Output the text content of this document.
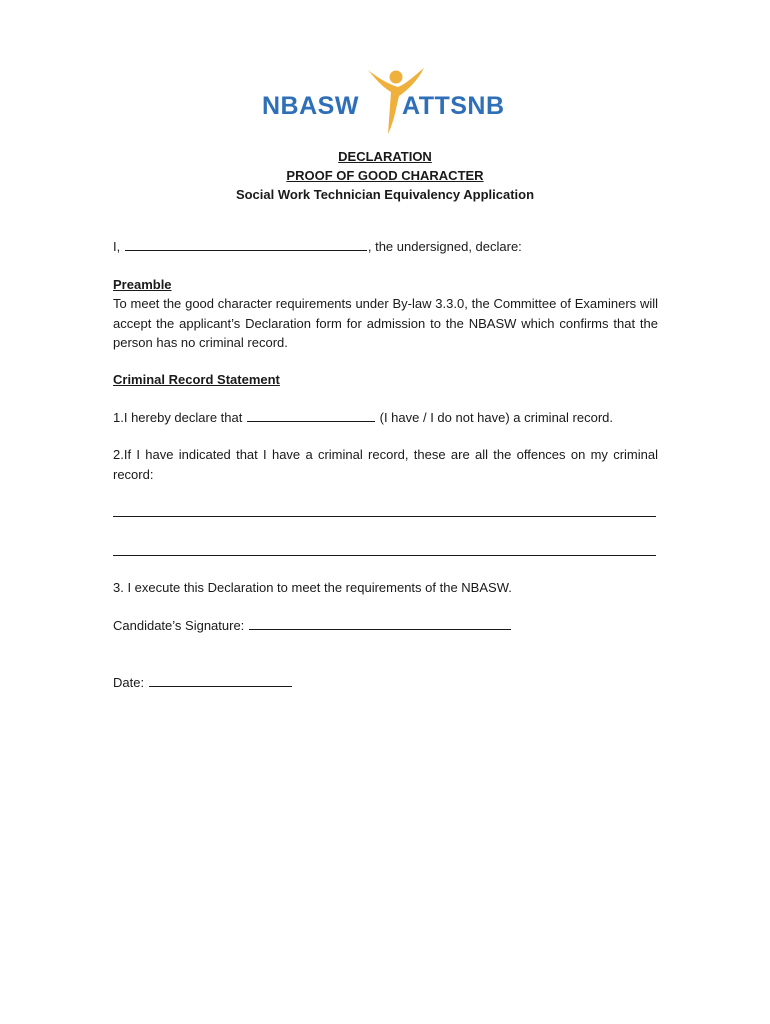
NBASW ATTSNB
DECLARATION
PROOF OF GOOD CHARACTER
Social Work Technician Equivalency Application
I,	, the undersigned, declare:
Preamble
To meet the good character requirements under By-law 3.3.0, the Committee of Examiners will accept the applicant’s Declaration form for admission to the NBASW which confirms that the person has no criminal record.
Criminal Record Statement
1.I hereby declare that	(I have / I do not have) a criminal record.
2.If I have indicated that I have a criminal record, these are all the offences on my criminal record:
3. I execute this Declaration to meet the requirements of the NBASW.
Candidate’s Signature:
Date:
